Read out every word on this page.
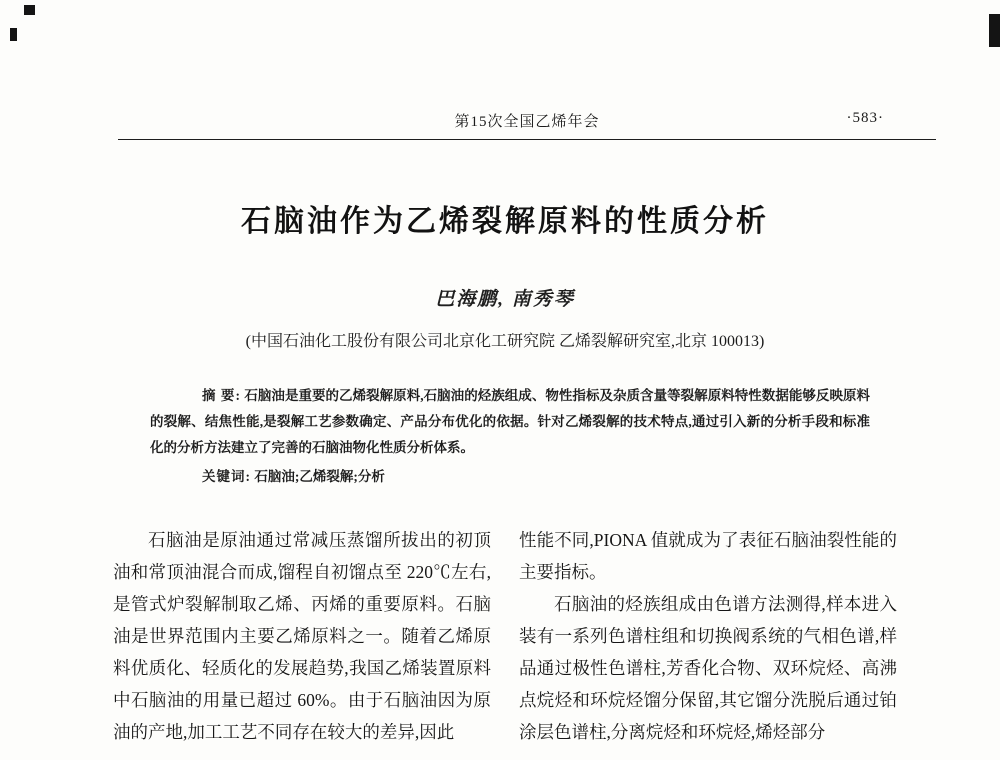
第15次全国乙烯年会	·583·
石脑油作为乙烯裂解原料的性质分析
巴海鹏, 南秀琴
(中国石油化工股份有限公司北京化工研究院 乙烯裂解研究室,北京 100013)

摘 要: 石脑油是重要的乙烯裂解原料,石脑油的烃族组成、物性指标及杂质含量等裂解原料特性数据能够反映原料的裂解、结焦性能,是裂解工艺参数确定、产品分布优化的依据。针对乙烯裂解的技术特点,通过引入新的分析手段和标准化的分析方法建立了完善的石脑油物化性质分析体系。

关键词: 石脑油;乙烯裂解;分析

石脑油是原油通过常减压蒸馏所拔出的初顶油和常顶油混合而成,馏程自初馏点至 220℃左右,是管式炉裂解制取乙烯、丙烯的重要原料。石脑油是世界范围内主要乙烯原料之一。随着乙烯原料优质化、轻质化的发展趋势,我国乙烯装置原料中石脑油的用量已超过 60%。由于石脑油因为原油的产地,加工工艺不同存在较大的差异,因此

性能不同,PIONA 值就成为了表征石脑油裂性能的主要指标。

石脑油的烃族组成由色谱方法测得,样本进入装有一系列色谱柱组和切换阀系统的气相色谱,样品通过极性色谱柱,芳香化合物、双环烷烃、高沸点烷烃和环烷烃馏分保留,其它馏分洗脱后通过铂涂层色谱柱,分离烷烃和环烷烃,烯烃部分
